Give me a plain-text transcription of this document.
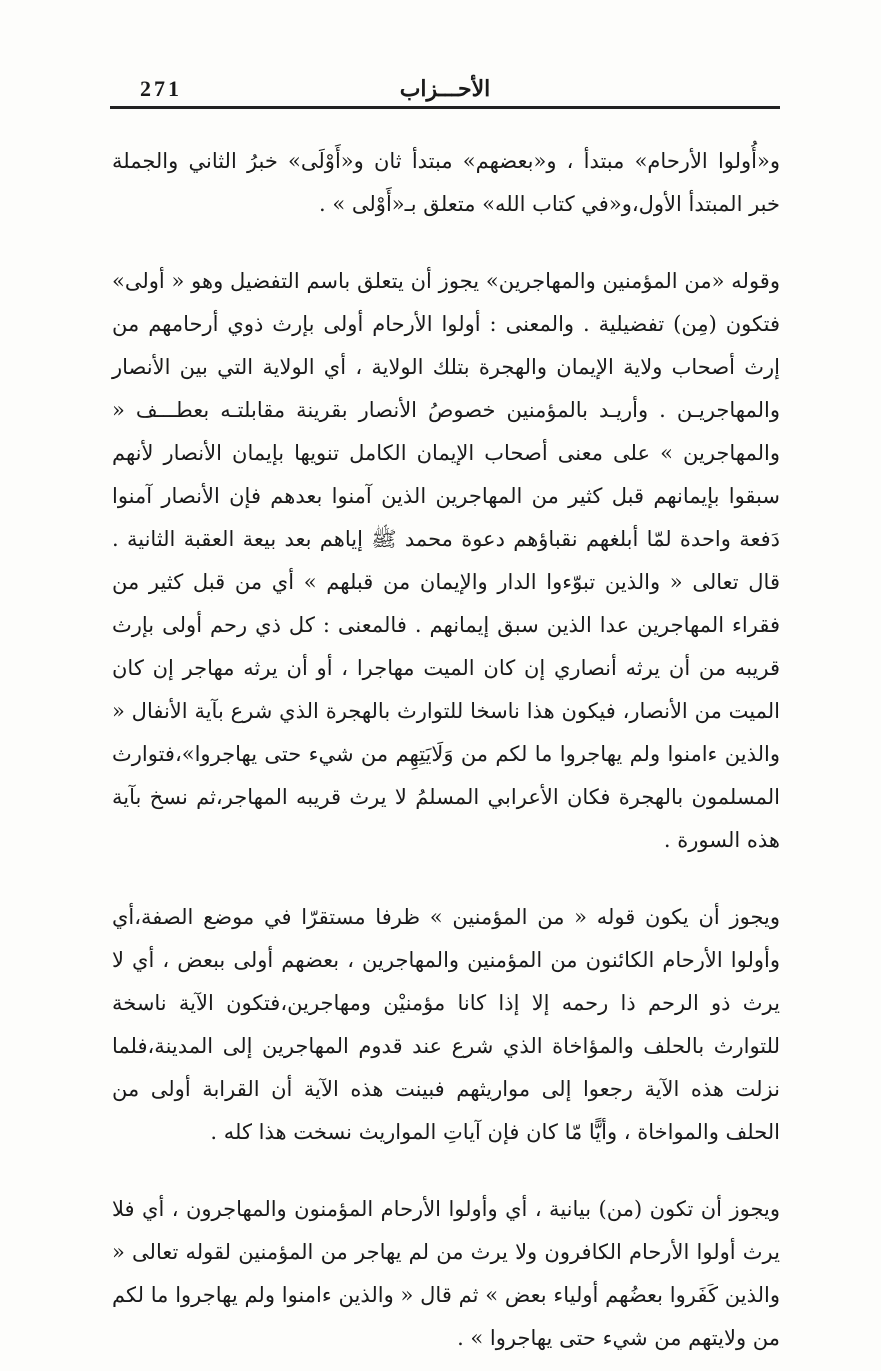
271	الأحـــزاب

و«أُولوا الأرحام» مبتدأ ، و«بعضهم» مبتدأ ثان و«أَوْلَى» خبرُ الثاني والجملة خبر المبتدأ الأول،و«في كتاب الله» متعلق بـ«أَوْلى » .

وقوله «من المؤمنين والمهاجرين» يجوز أن يتعلق باسم التفضيل وهو « أولى» فتكون (مِن) تفضيلية . والمعنى : أولوا الأرحام أولى بإرث ذوي أرحامهم من إرث أصحاب ولاية الإيمان والهجرة بتلك الولاية ، أي الولاية التي بين الأنصار والمهاجريـن . وأريـد بالمؤمنين خصوصُ الأنصار بقرينة مقابلتـه بعطـــف « والمهاجرين » على معنى أصحاب الإيمان الكامل تنويها بإيمان الأنصار لأنهم سبقوا بإيمانهم قبل كثير من المهاجرين الذين آمنوا بعدهم فإن الأنصار آمنوا دَفعة واحدة لمّا أبلغهم نقباؤهم دعوة محمد ﷺ إياهم بعد بيعة العقبة الثانية . قال تعالى « والذين تبوّءوا الدار والإيمان من قبلهم » أي من قبل كثير من فقراء المهاجرين عدا الذين سبق إيمانهم . فالمعنى : كل ذي رحم أولى بإرث قريبه من أن يرثه أنصاري إن كان الميت مهاجرا ، أو أن يرثه مهاجر إن كان الميت من الأنصار، فيكون هذا ناسخا للتوارث بالهجرة الذي شرع بآية الأنفال « والذين ءامنوا ولم يهاجروا ما لكم من وَلَايَتِهِم من شيء حتى يهاجروا»،فتوارث المسلمون بالهجرة فكان الأعرابي المسلمُ لا يرث قريبه المهاجر،ثم نسخ بآية هذه السورة .

ويجوز أن يكون قوله « من المؤمنين » ظرفا مستقرّا في موضع الصفة،أي وأولوا الأرحام الكائنون من المؤمنين والمهاجرين ، بعضهم أولى ببعض ، أي لا يرث ذو الرحم ذا رحمه إلا إذا كانا مؤمنيْن ومهاجرين،فتكون الآية ناسخة للتوارث بالحلف والمؤاخاة الذي شرع عند قدوم المهاجرين إلى المدينة،فلما نزلت هذه الآية رجعوا إلى مواريثهم فبينت هذه الآية أن القرابة أولى من الحلف والمواخاة ، وأيًّا مّا كان فإن آياتِ المواريث نسخت هذا كله .

ويجوز أن تكون (من) بيانية ، أي وأولوا الأرحام المؤمنون والمهاجرون ، أي فلا يرث أولوا الأرحام الكافرون ولا يرث من لم يهاجر من المؤمنين لقوله تعالى « والذين كَفَروا بعضُهم أولياء بعض » ثم قال « والذين ءامنوا ولم يهاجروا ما لكم من ولايتهم من شيء حتى يهاجروا » .
